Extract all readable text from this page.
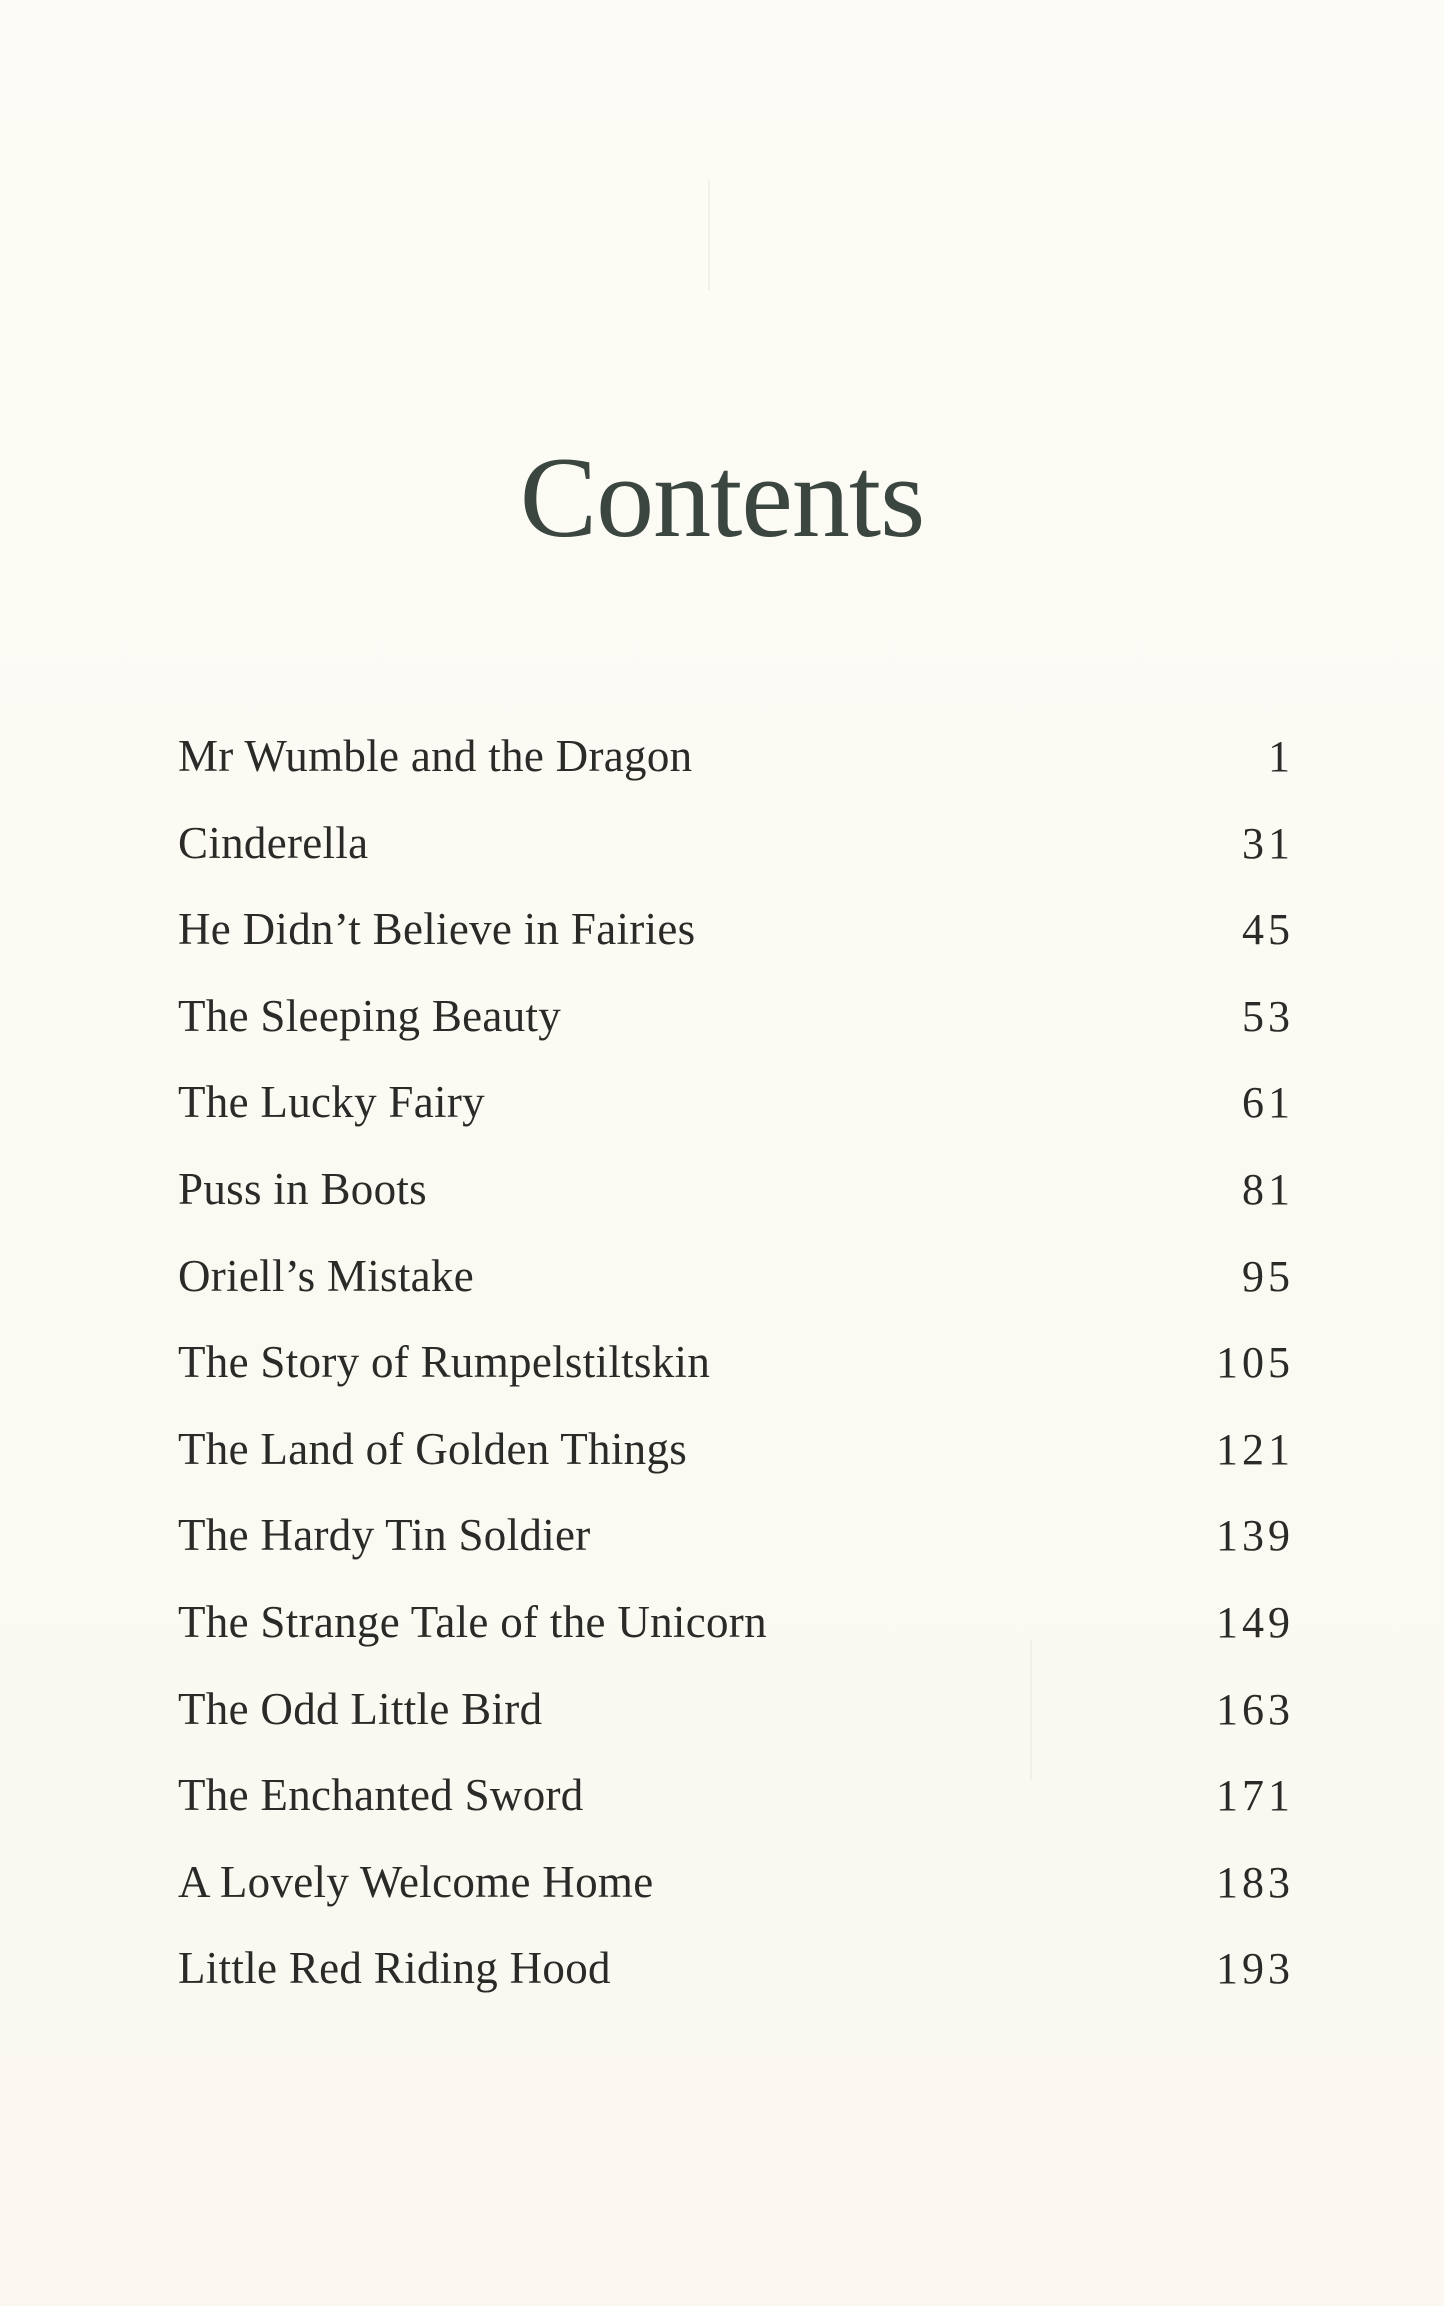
Contents
Mr Wumble and the Dragon	1
Cinderella	31
He Didn’t Believe in Fairies	45
The Sleeping Beauty	53
The Lucky Fairy	61
Puss in Boots	81
Oriell’s Mistake	95
The Story of Rumpelstiltskin	105
The Land of Golden Things	121
The Hardy Tin Soldier	139
The Strange Tale of the Unicorn	149
The Odd Little Bird	163
The Enchanted Sword	171
A Lovely Welcome Home	183
Little Red Riding Hood	193
